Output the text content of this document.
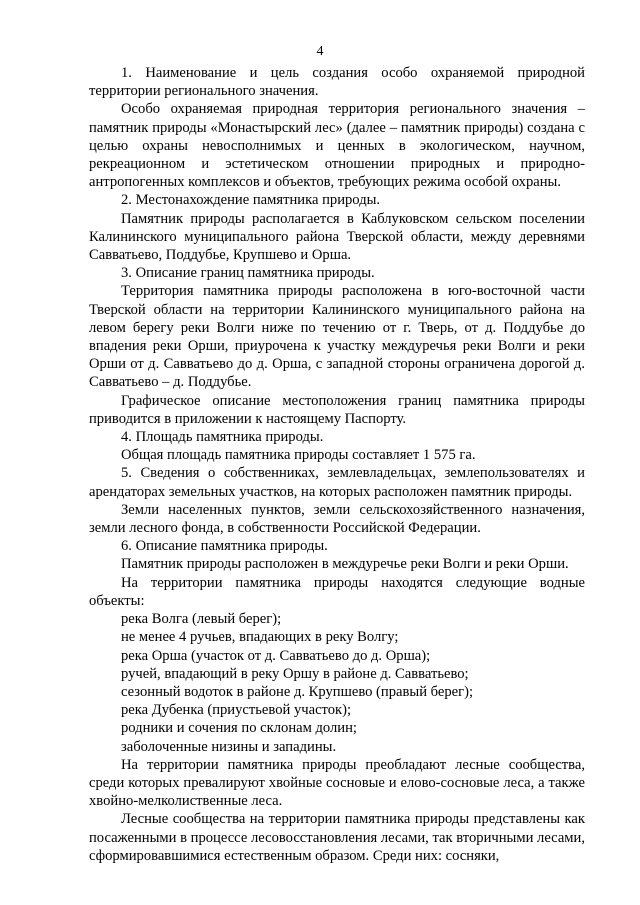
4

1. Наименование и цель создания особо охраняемой природной территории регионального значения.

Особо охраняемая природная территория регионального значения – памятник природы «Монастырский лес» (далее – памятник природы) создана с целью охраны невосполнимых и ценных в экологическом, научном, рекреационном и эстетическом отношении природных и природно-антропогенных комплексов и объектов, требующих режима особой охраны.

2. Местонахождение памятника природы.

Памятник природы располагается в Каблуковском сельском поселении Калининского муниципального района Тверской области, между деревнями Савватьево, Поддубье, Крупшево и Орша.

3. Описание границ памятника природы.

Территория памятника природы расположена в юго-восточной части Тверской области на территории Калининского муниципального района на левом берегу реки Волги ниже по течению от г. Тверь, от д. Поддубье до впадения реки Орши, приурочена к участку междуречья реки Волги и реки Орши от д. Савватьево до д. Орша, с западной стороны ограничена дорогой д. Савватьево – д. Поддубье.

Графическое описание местоположения границ памятника природы приводится в приложении к настоящему Паспорту.

4. Площадь памятника природы.

Общая площадь памятника природы составляет 1 575 га.

5. Сведения о собственниках, землевладельцах, землепользователях и арендаторах земельных участков, на которых расположен памятник природы.

Земли населенных пунктов, земли сельскохозяйственного назначения, земли лесного фонда, в собственности Российской Федерации.

6. Описание памятника природы.

Памятник природы расположен в междуречье реки Волги и реки Орши.

На территории памятника природы находятся следующие водные объекты:

река Волга (левый берег);

не менее 4 ручьев, впадающих в реку Волгу;

река Орша (участок от д. Савватьево до д. Орша);

ручей, впадающий в реку Оршу в районе д. Савватьево;

сезонный водоток в районе д. Крупшево (правый берег);

река Дубенка (приустьевой участок);

родники и сочения по склонам долин;

заболоченные низины и западины.

На территории памятника природы преобладают лесные сообщества, среди которых превалируют хвойные сосновые и елово-сосновые леса, а также хвойно-мелколиственные леса.

Лесные сообщества на территории памятника природы представлены как посаженными в процессе лесовосстановления лесами, так вторичными лесами, сформировавшимися естественным образом. Среди них: сосняки,
